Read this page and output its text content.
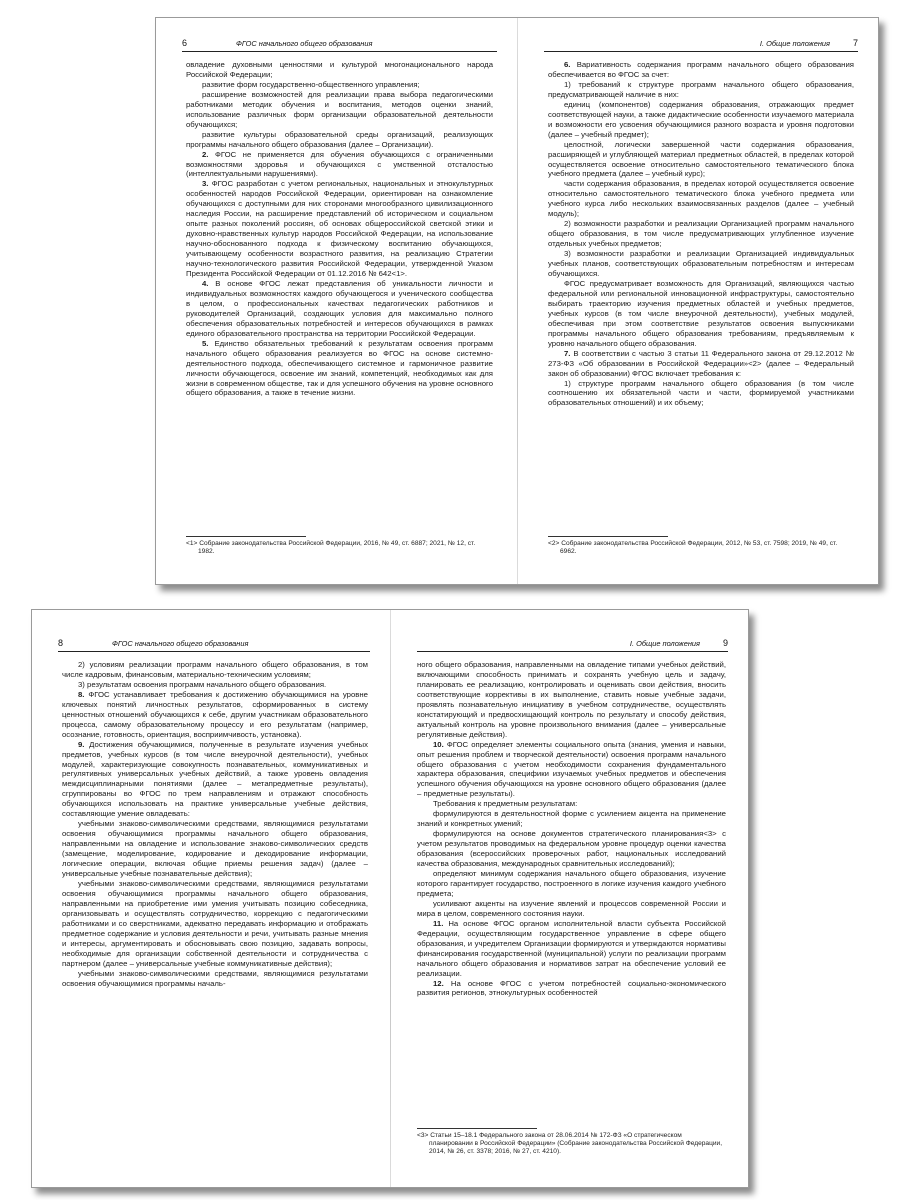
6	ФГОС начального общего образования

овладение духовными ценностями и культурой многонационального народа Российской Федерации;

развитие форм государственно-общественного управления;

расширение возможностей для реализации права выбора педагогическими работниками методик обучения и воспитания, методов оценки знаний, использование различных форм организации образовательной деятельности обучающихся;

развитие культуры образовательной среды организаций, реализующих программы начального общего образования (далее – Организации).

2. ФГОС не применяется для обучения обучающихся с ограниченными возможностями здоровья и обучающихся с умственной отсталостью (интеллектуальными нарушениями).

3. ФГОС разработан с учетом региональных, национальных и этнокультурных особенностей народов Российской Федерации, ориентирован на ознакомление обучающихся с доступными для них сторонами многообразного цивилизационного наследия России, на расширение представлений об историческом и социальном опыте разных поколений россиян, об основах общероссийской светской этики и духовно-нравственных культур народов Российской Федерации, на использование научно-обоснованного подхода к физическому воспитанию обучающихся, учитывающему особенности возрастного развития, на реализацию Стратегии научно-технологического развития Российской Федерации, утвержденной Указом Президента Российской Федерации от 01.12.2016 № 642<1>.

4. В основе ФГОС лежат представления об уникальности личности и индивидуальных возможностях каждого обучающегося и ученического сообщества в целом, о профессиональных качествах педагогических работников и руководителей Организаций, создающих условия для максимально полного обеспечения образовательных потребностей и интересов обучающихся в рамках единого образовательного пространства на территории Российской Федерации.

5. Единство обязательных требований к результатам освоения программ начального общего образования реализуется во ФГОС на основе системно-деятельностного подхода, обеспечивающего системное и гармоничное развитие личности обучающегося, освоение им знаний, компетенций, необходимых как для жизни в современном обществе, так и для успешного обучения на уровне основного общего образования, а также в течение жизни.

<1> Собрание законодательства Российской Федерации, 2016, № 49, ст. 6887; 2021, № 12, ст. 1982.

I. Общие положения	7

6. Вариативность содержания программ начального общего образования обеспечивается во ФГОС за счет:

1) требований к структуре программ начального общего образования, предусматривающей наличие в них:

единиц (компонентов) содержания образования, отражающих предмет соответствующей науки, а также дидактические особенности изучаемого материала и возможности его усвоения обучающимися разного возраста и уровня подготовки (далее – учебный предмет);

целостной, логически завершенной части содержания образования, расширяющей и углубляющей материал предметных областей, в пределах которой осуществляется освоение относительно самостоятельного тематического блока учебного предмета (далее – учебный курс);

части содержания образования, в пределах которой осуществляется освоение относительно самостоятельного тематического блока учебного предмета или учебного курса либо нескольких взаимосвязанных разделов (далее – учебный модуль);

2) возможности разработки и реализации Организацией программ начального общего образования, в том числе предусматривающих углубленное изучение отдельных учебных предметов;

3) возможности разработки и реализации Организацией индивидуальных учебных планов, соответствующих образовательным потребностям и интересам обучающихся.

ФГОС предусматривает возможность для Организаций, являющихся частью федеральной или региональной инновационной инфраструктуры, самостоятельно выбирать траекторию изучения предметных областей и учебных предметов, учебных курсов (в том числе внеурочной деятельности), учебных модулей, обеспечивая при этом соответствие результатов освоения выпускниками программы начального общего образования требованиям, предъявляемым к уровню начального общего образования.

7. В соответствии с частью 3 статьи 11 Федерального закона от 29.12.2012 № 273-ФЗ «Об образовании в Российской Федерации»<2> (далее – Федеральный закон об образовании) ФГОС включает требования к:

1) структуре программ начального общего образования (в том числе соотношению их обязательной части и части, формируемой участниками образовательных отношений) и их объему;

<2> Собрание законодательства Российской Федерации, 2012, № 53, ст. 7598; 2019, № 49, ст. 6962.

8	ФГОС начального общего образования

2) условиям реализации программ начального общего образования, в том числе кадровым, финансовым, материально-техническим условиям;

3) результатам освоения программ начального общего образования.

8. ФГОС устанавливает требования к достижению обучающимися на уровне ключевых понятий личностных результатов, сформированных в систему ценностных отношений обучающихся к себе, другим участникам образовательного процесса, самому образовательному процессу и его результатам (например, осознание, готовность, ориентация, восприимчивость, установка).

9. Достижения обучающимися, полученные в результате изучения учебных предметов, учебных курсов (в том числе внеурочной деятельности), учебных модулей, характеризующие совокупность познавательных, коммуникативных и регулятивных универсальных учебных действий, а также уровень овладения междисциплинарными понятиями (далее – метапредметные результаты), сгруппированы во ФГОС по трем направлениям и отражают способность обучающихся использовать на практике универсальные учебные действия, составляющие умение овладевать:

учебными знаково-символическими средствами, являющимися результатами освоения обучающимися программы начального общего образования, направленными на овладение и использование знаково-символических средств (замещение, моделирование, кодирование и декодирование информации, логические операции, включая общие приемы решения задач) (далее – универсальные учебные познавательные действия);

учебными знаково-символическими средствами, являющимися результатами освоения обучающимися программы начального общего образования, направленными на приобретение ими умения учитывать позицию собеседника, организовывать и осуществлять сотрудничество, коррекцию с педагогическими работниками и со сверстниками, адекватно передавать информацию и отображать предметное содержание и условия деятельности и речи, учитывать разные мнения и интересы, аргументировать и обосновывать свою позицию, задавать вопросы, необходимые для организации собственной деятельности и сотрудничества с партнером (далее – универсальные учебные коммуникативные действия);

учебными знаково-символическими средствами, являющимися результатами освоения обучающимися программы началь-

I. Общие положения	9

ного общего образования, направленными на овладение типами учебных действий, включающими способность принимать и сохранять учебную цель и задачу, планировать ее реализацию, контролировать и оценивать свои действия, вносить соответствующие коррективы в их выполнение, ставить новые учебные задачи, проявлять познавательную инициативу в учебном сотрудничестве, осуществлять констатирующий и предвосхищающий контроль по результату и способу действия, актуальный контроль на уровне произвольного внимания (далее – универсальные регулятивные действия).

10. ФГОС определяет элементы социального опыта (знания, умения и навыки, опыт решения проблем и творческой деятельности) освоения программ начального общего образования с учетом необходимости сохранения фундаментального характера образования, специфики изучаемых учебных предметов и обеспечения успешного обучения обучающихся на уровне основного общего образования (далее – предметные результаты).

Требования к предметным результатам:

формулируются в деятельностной форме с усилением акцента на применение знаний и конкретных умений;

формулируются на основе документов стратегического планирования<3> с учетом результатов проводимых на федеральном уровне процедур оценки качества образования (всероссийских проверочных работ, национальных исследований качества образования, международных сравнительных исследований);

определяют минимум содержания начального общего образования, изучение которого гарантирует государство, построенного в логике изучения каждого учебного предмета;

усиливают акценты на изучение явлений и процессов современной России и мира в целом, современного состояния науки.

11. На основе ФГОС органом исполнительной власти субъекта Российской Федерации, осуществляющим государственное управление в сфере общего образования, и учредителем Организации формируются и утверждаются нормативы финансирования государственной (муниципальной) услуги по реализации программ начального общего образования и нормативов затрат на обеспечение условий ее реализации.

12. На основе ФГОС с учетом потребностей социально-экономического развития регионов, этнокультурных особенностей

<3> Статьи 15–18.1 Федерального закона от 28.06.2014 № 172-ФЗ «О стратегическом планировании в Российской Федерации» (Собрание законодательства Российской Федерации, 2014, № 26, ст. 3378; 2016, № 27, ст. 4210).
